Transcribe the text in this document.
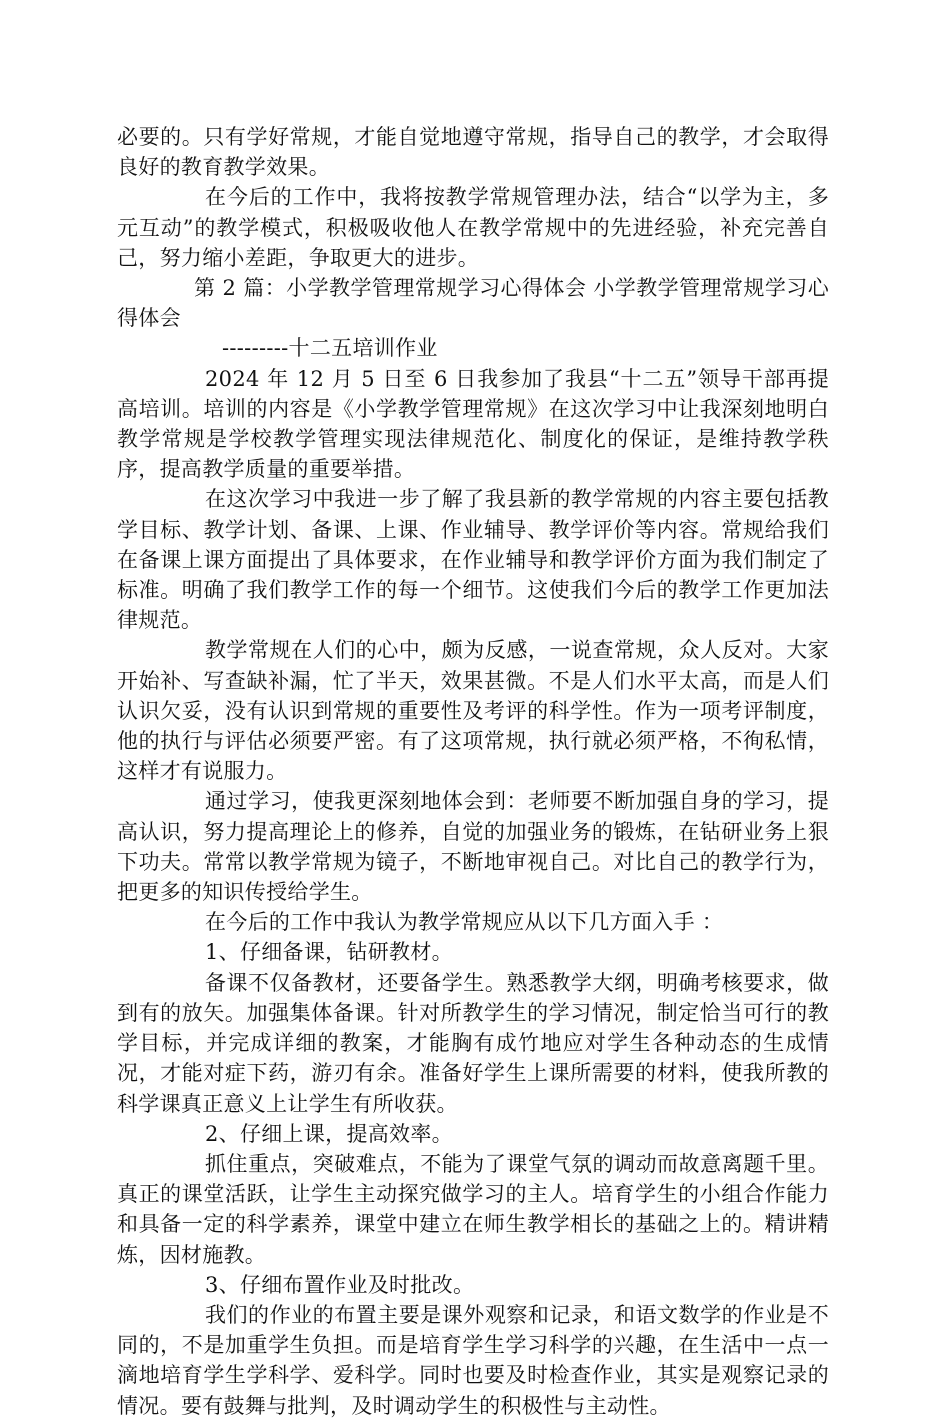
必要的。只有学好常规，才能自觉地遵守常规，指导自己的教学，才会取得良好的教育教学效果。

在今后的工作中，我将按教学常规管理办法，结合“以学为主，多元互动”的教学模式，积极吸收他人在教学常规中的先进经验，补充完善自己，努力缩小差距，争取更大的进步。

第 2 篇：小学教学管理常规学习心得体会 小学教学管理常规学习心得体会

---------十二五培训作业

2024 年 12 月 5 日至 6 日我参加了我县“十二五”领导干部再提高培训。培训的内容是《小学教学管理常规》在这次学习中让我深刻地明白教学常规是学校教学管理实现法律规范化、制度化的保证，是维持教学秩序，提高教学质量的重要举措。

在这次学习中我进一步了解了我县新的教学常规的内容主要包括教学目标、教学计划、备课、上课、作业辅导、教学评价等内容。常规给我们在备课上课方面提出了具体要求，在作业辅导和教学评价方面为我们制定了标准。明确了我们教学工作的每一个细节。这使我们今后的教学工作更加法律规范。

教学常规在人们的心中，颇为反感，一说查常规，众人反对。大家开始补、写查缺补漏，忙了半天，效果甚微。不是人们水平太高，而是人们认识欠妥，没有认识到常规的重要性及考评的科学性。作为一项考评制度，他的执行与评估必须要严密。有了这项常规，执行就必须严格，不徇私情，这样才有说服力。

通过学习，使我更深刻地体会到：老师要不断加强自身的学习，提高认识，努力提高理论上的修养，自觉的加强业务的锻炼，在钻研业务上狠下功夫。常常以教学常规为镜子，不断地审视自己。对比自己的教学行为，把更多的知识传授给学生。

在今后的工作中我认为教学常规应从以下几方面入手 ：

1、仔细备课，钻研教材。

备课不仅备教材，还要备学生。熟悉教学大纲，明确考核要求，做到有的放矢。加强集体备课。针对所教学生的学习情况，制定恰当可行的教学目标，并完成详细的教案，才能胸有成竹地应对学生各种动态的生成情况，才能对症下药，游刃有余。准备好学生上课所需要的材料，使我所教的科学课真正意义上让学生有所收获。

2、仔细上课，提高效率。

抓住重点，突破难点，不能为了课堂气氛的调动而故意离题千里。真正的课堂活跃，让学生主动探究做学习的主人。培育学生的小组合作能力和具备一定的科学素养，课堂中建立在师生教学相长的基础之上的。精讲精炼，因材施教。

3、仔细布置作业及时批改。

我们的作业的布置主要是课外观察和记录，和语文数学的作业是不同的，不是加重学生负担。而是培育学生学习科学的兴趣，在生活中一点一滴地培育学生学科学、爱科学。同时也要及时检查作业，其实是观察记录的情况。要有鼓舞与批判，及时调动学生的积极性与主动性。
